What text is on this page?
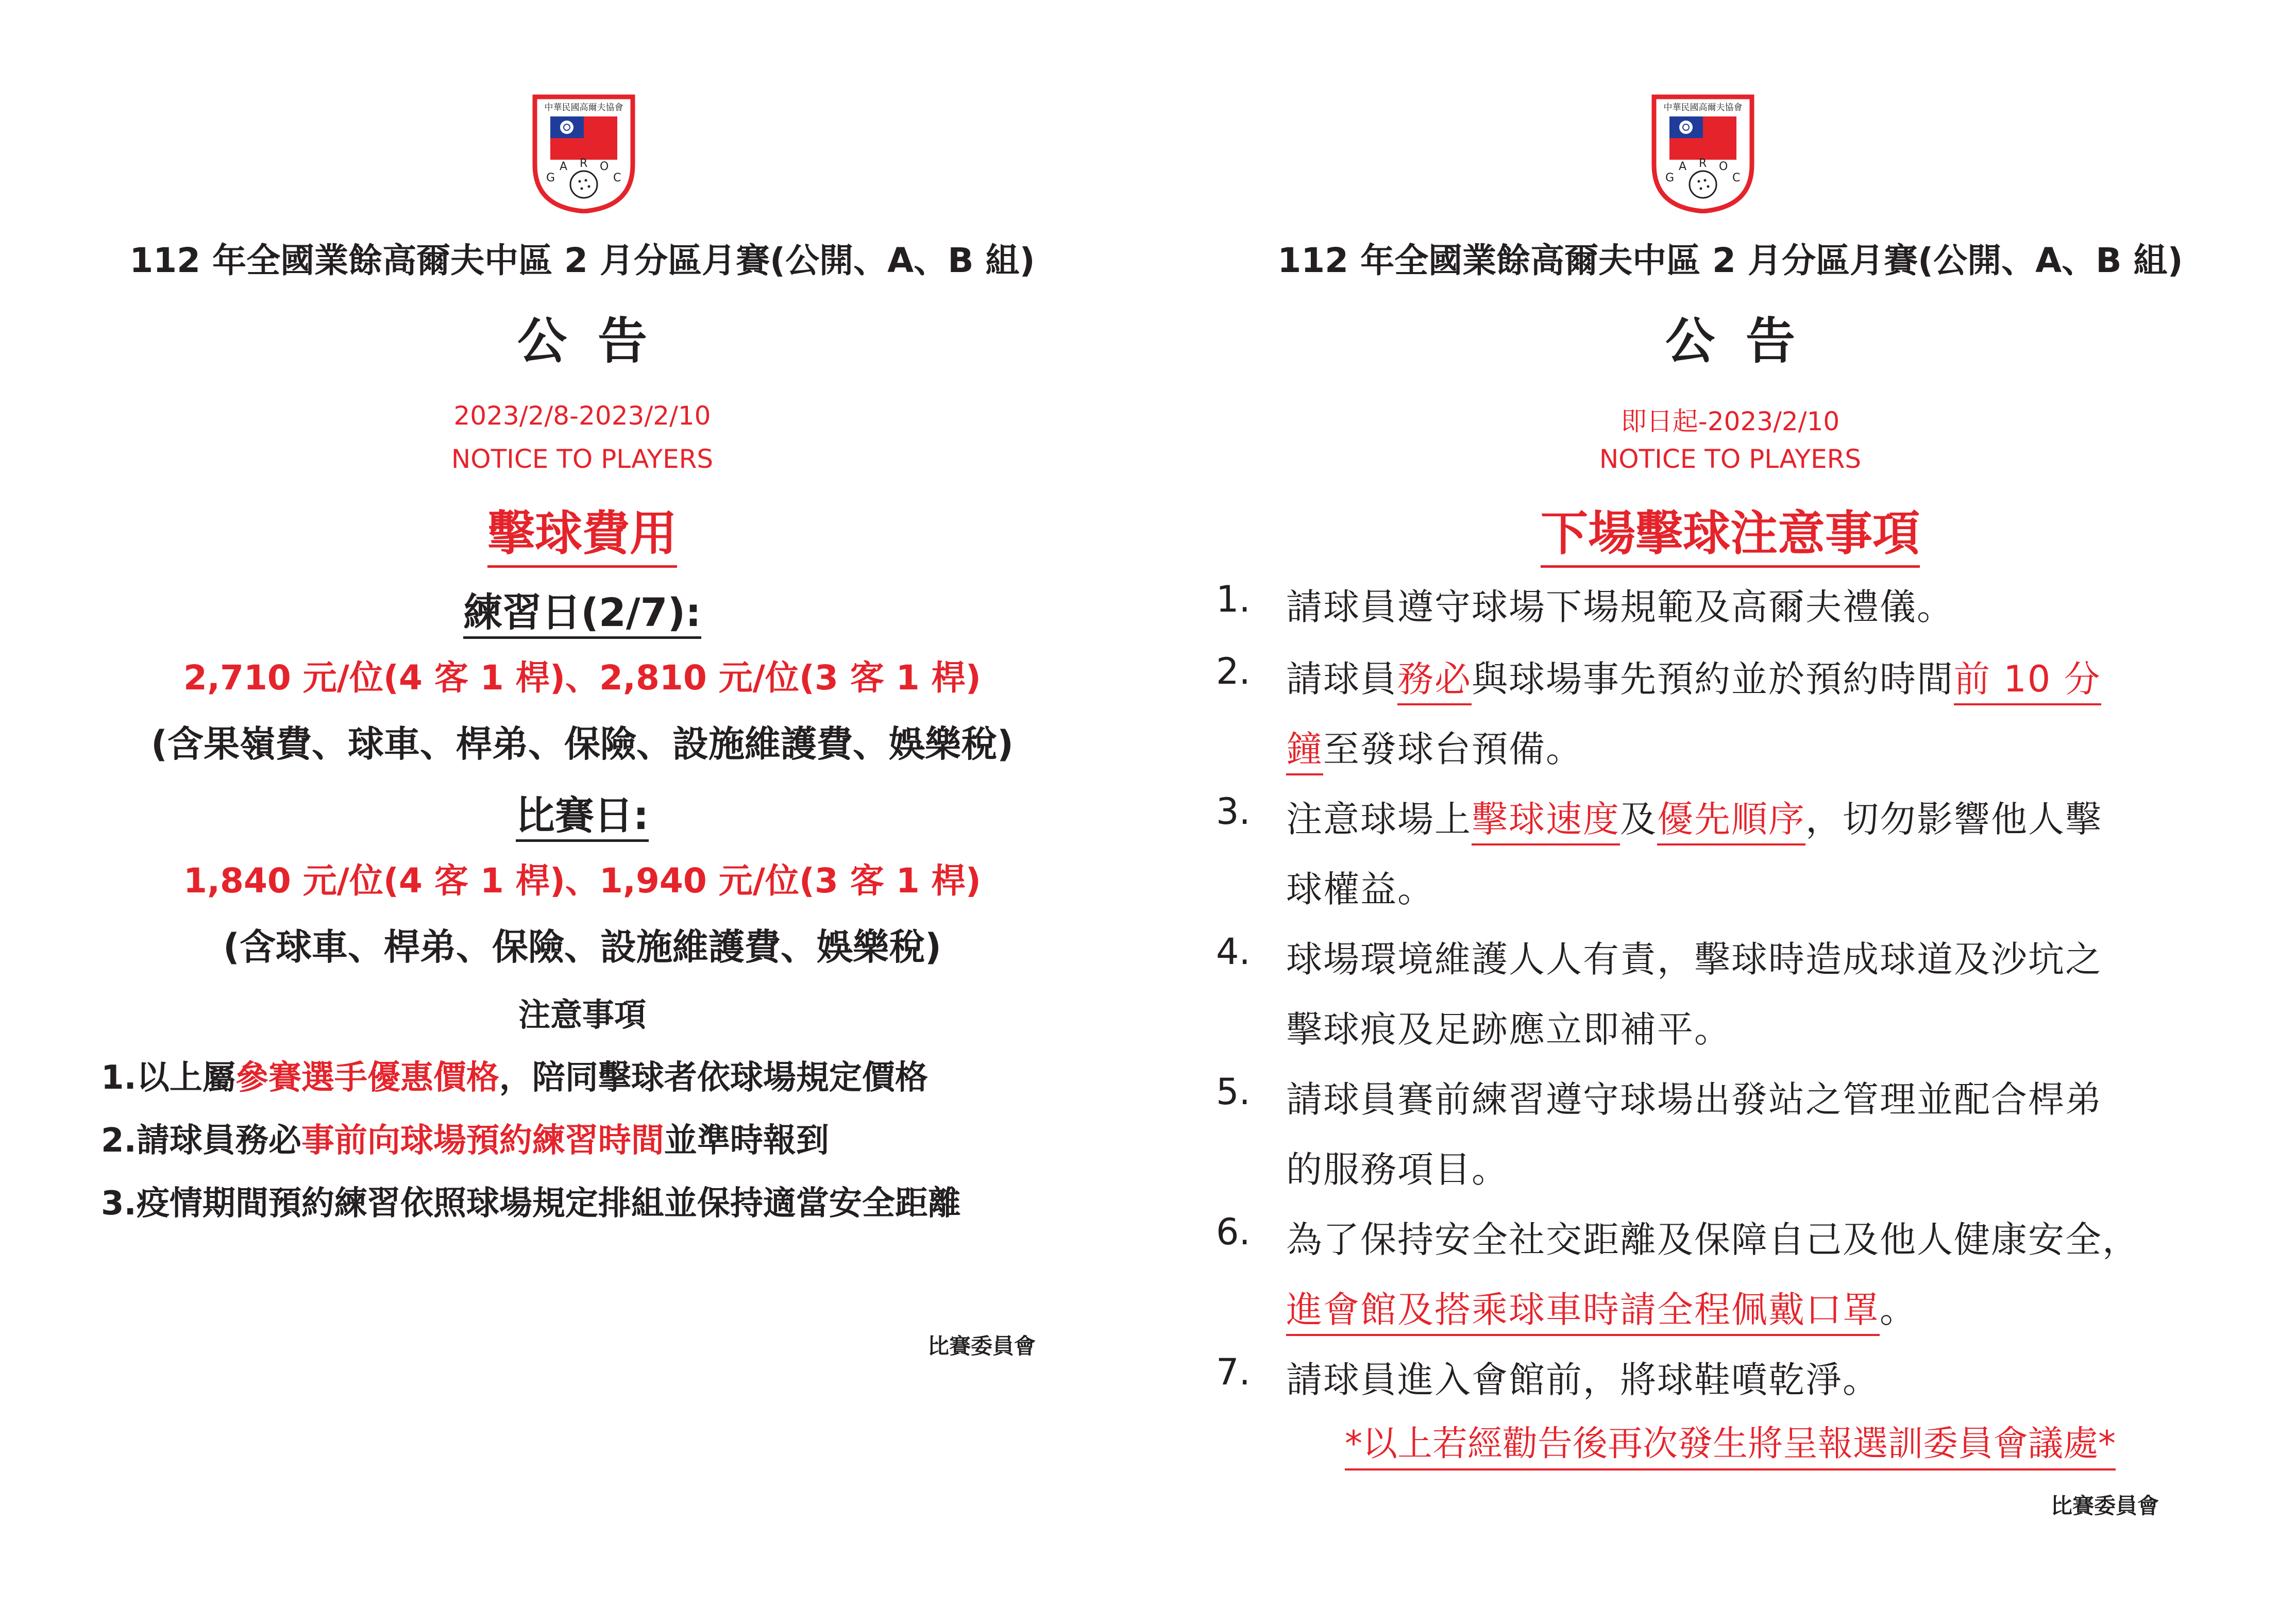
中華民國高爾夫協會
G
A R O
C
112 年全國業餘高爾夫中區 2 月分區月賽(公開、A、B 組)
公告
2023/2/8-2023/2/10
NOTICE TO PLAYERS
擊球費用
練習日(2/7):
2,710 元/位(4 客 1 桿)、2,810 元/位(3 客 1 桿)
(含果嶺費、球車、桿弟、保險、設施維護費、娛樂稅)
比賽日:
1,840 元/位(4 客 1 桿)、1,940 元/位(3 客 1 桿)
(含球車、桿弟、保險、設施維護費、娛樂稅)
注意事項
1.以上屬參賽選手優惠價格，陪同擊球者依球場規定價格
2.請球員務必事前向球場預約練習時間並準時報到
3.疫情期間預約練習依照球場規定排組並保持適當安全距離
比賽委員會
中華民國高爾夫協會
G
A R O
C
112 年全國業餘高爾夫中區 2 月分區月賽(公開、A、B 組)
公告
即日起-2023/2/10
NOTICE TO PLAYERS
下場擊球注意事項
1. 請球員遵守球場下場規範及高爾夫禮儀。
2. 請球員務必與球場事先預約並於預約時間前 10 分
鐘至發球台預備。
3. 注意球場上擊球速度及優先順序，切勿影響他人擊
球權益。
4. 球場環境維護人人有責，擊球時造成球道及沙坑之
擊球痕及足跡應立即補平。
5. 請球員賽前練習遵守球場出發站之管理並配合桿弟
的服務項目。
6. 為了保持安全社交距離及保障自己及他人健康安全，
進會館及搭乘球車時請全程佩戴口罩。
7. 請球員進入會館前，將球鞋噴乾淨。
*以上若經勸告後再次發生將呈報選訓委員會議處*
比賽委員會
